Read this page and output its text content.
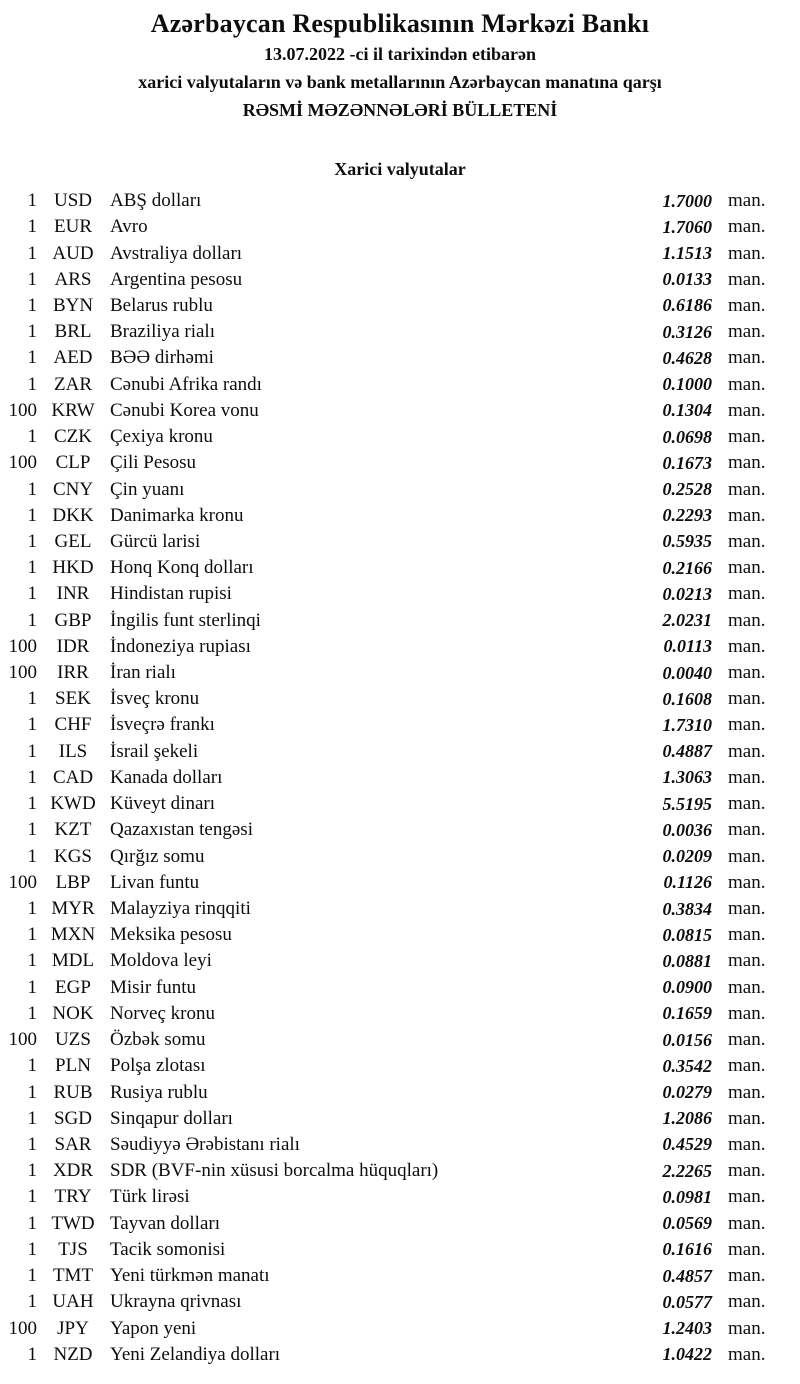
Azərbaycan Respublikasının Mərkəzi Bankı
13.07.2022 -ci il tarixindən etibarən
xarici valyutaların və bank metallarının Azərbaycan manatına qarşı
RƏSMİ MƏZƏNNƏLƏRİ BÜLLETENİ
Xarici valyutalar
1 USD ABŞ dolları	1.7000 man.
1 EUR Avro	1.7060 man.
1 AUD Avstraliya dolları	1.1513 man.
1 ARS Argentina pesosu	0.0133 man.
1 BYN Belarus rublu	0.6186 man.
1 BRL Braziliya rialı	0.3126 man.
1 AED BƏƏ dirhəmi	0.4628 man.
1 ZAR Cənubi Afrika randı	0.1000 man.
100 KRW Cənubi Korea vonu	0.1304 man.
1 CZK Çexiya kronu	0.0698 man.
100 CLP	Çili Pesosu	0.1673 man.
1 CNY Çin yuanı	0.2528 man.
1 DKK Danimarka kronu	0.2293 man.
1 GEL Gürcü larisi	0.5935 man.
1 HKD Honq Konq dolları	0.2166 man.
1	INR	Hindistan rupisi	0.0213 man.
1 GBP İngilis funt sterlinqi	2.0231 man.
100	IDR	İndoneziya rupiası	0.0113 man.
100	IRR	İran rialı	0.0040 man.
1 SEK	İsveç kronu	0.1608 man.
1 CHF İsveçrə frankı	1.7310 man.
1	ILS	İsrail şekeli	0.4887 man.
1 CAD Kanada dolları	1.3063 man.
1 KWD Küveyt dinarı	5.5195 man.
1 KZT Qazaxıstan tengəsi	0.0036 man.
1 KGS Qırğız somu	0.0209 man.
100 LBP	Livan funtu	0.1126 man.
1 MYR Malayziya rinqqiti	0.3834 man.
1 MXN Meksika pesosu	0.0815 man.
1 MDL Moldova leyi	0.0881 man.
1 EGP	Misir funtu	0.0900 man.
1 NOK Norveç kronu	0.1659 man.
100 UZS	Özbək somu	0.0156 man.
1 PLN	Polşa zlotası	0.3542 man.
1 RUB Rusiya rublu	0.0279 man.
1 SGD Sinqapur dolları	1.2086 man.
1 SAR Səudiyyə Ərəbistanı rialı	0.4529 man.
1 XDR SDR (BVF-nin xüsusi borcalma hüquqları)	2.2265 man.
1 TRY Türk lirəsi	0.0981 man.
1 TWD Tayvan dolları	0.0569 man.
1	TJS	Tacik somonisi	0.1616 man.
1 TMT Yeni türkmən manatı	0.4857 man.
1 UAH Ukrayna qrivnası	0.0577 man.
100	JPY	Yapon yeni	1.2403 man.
1 NZD Yeni Zelandiya dolları	1.0422 man.
